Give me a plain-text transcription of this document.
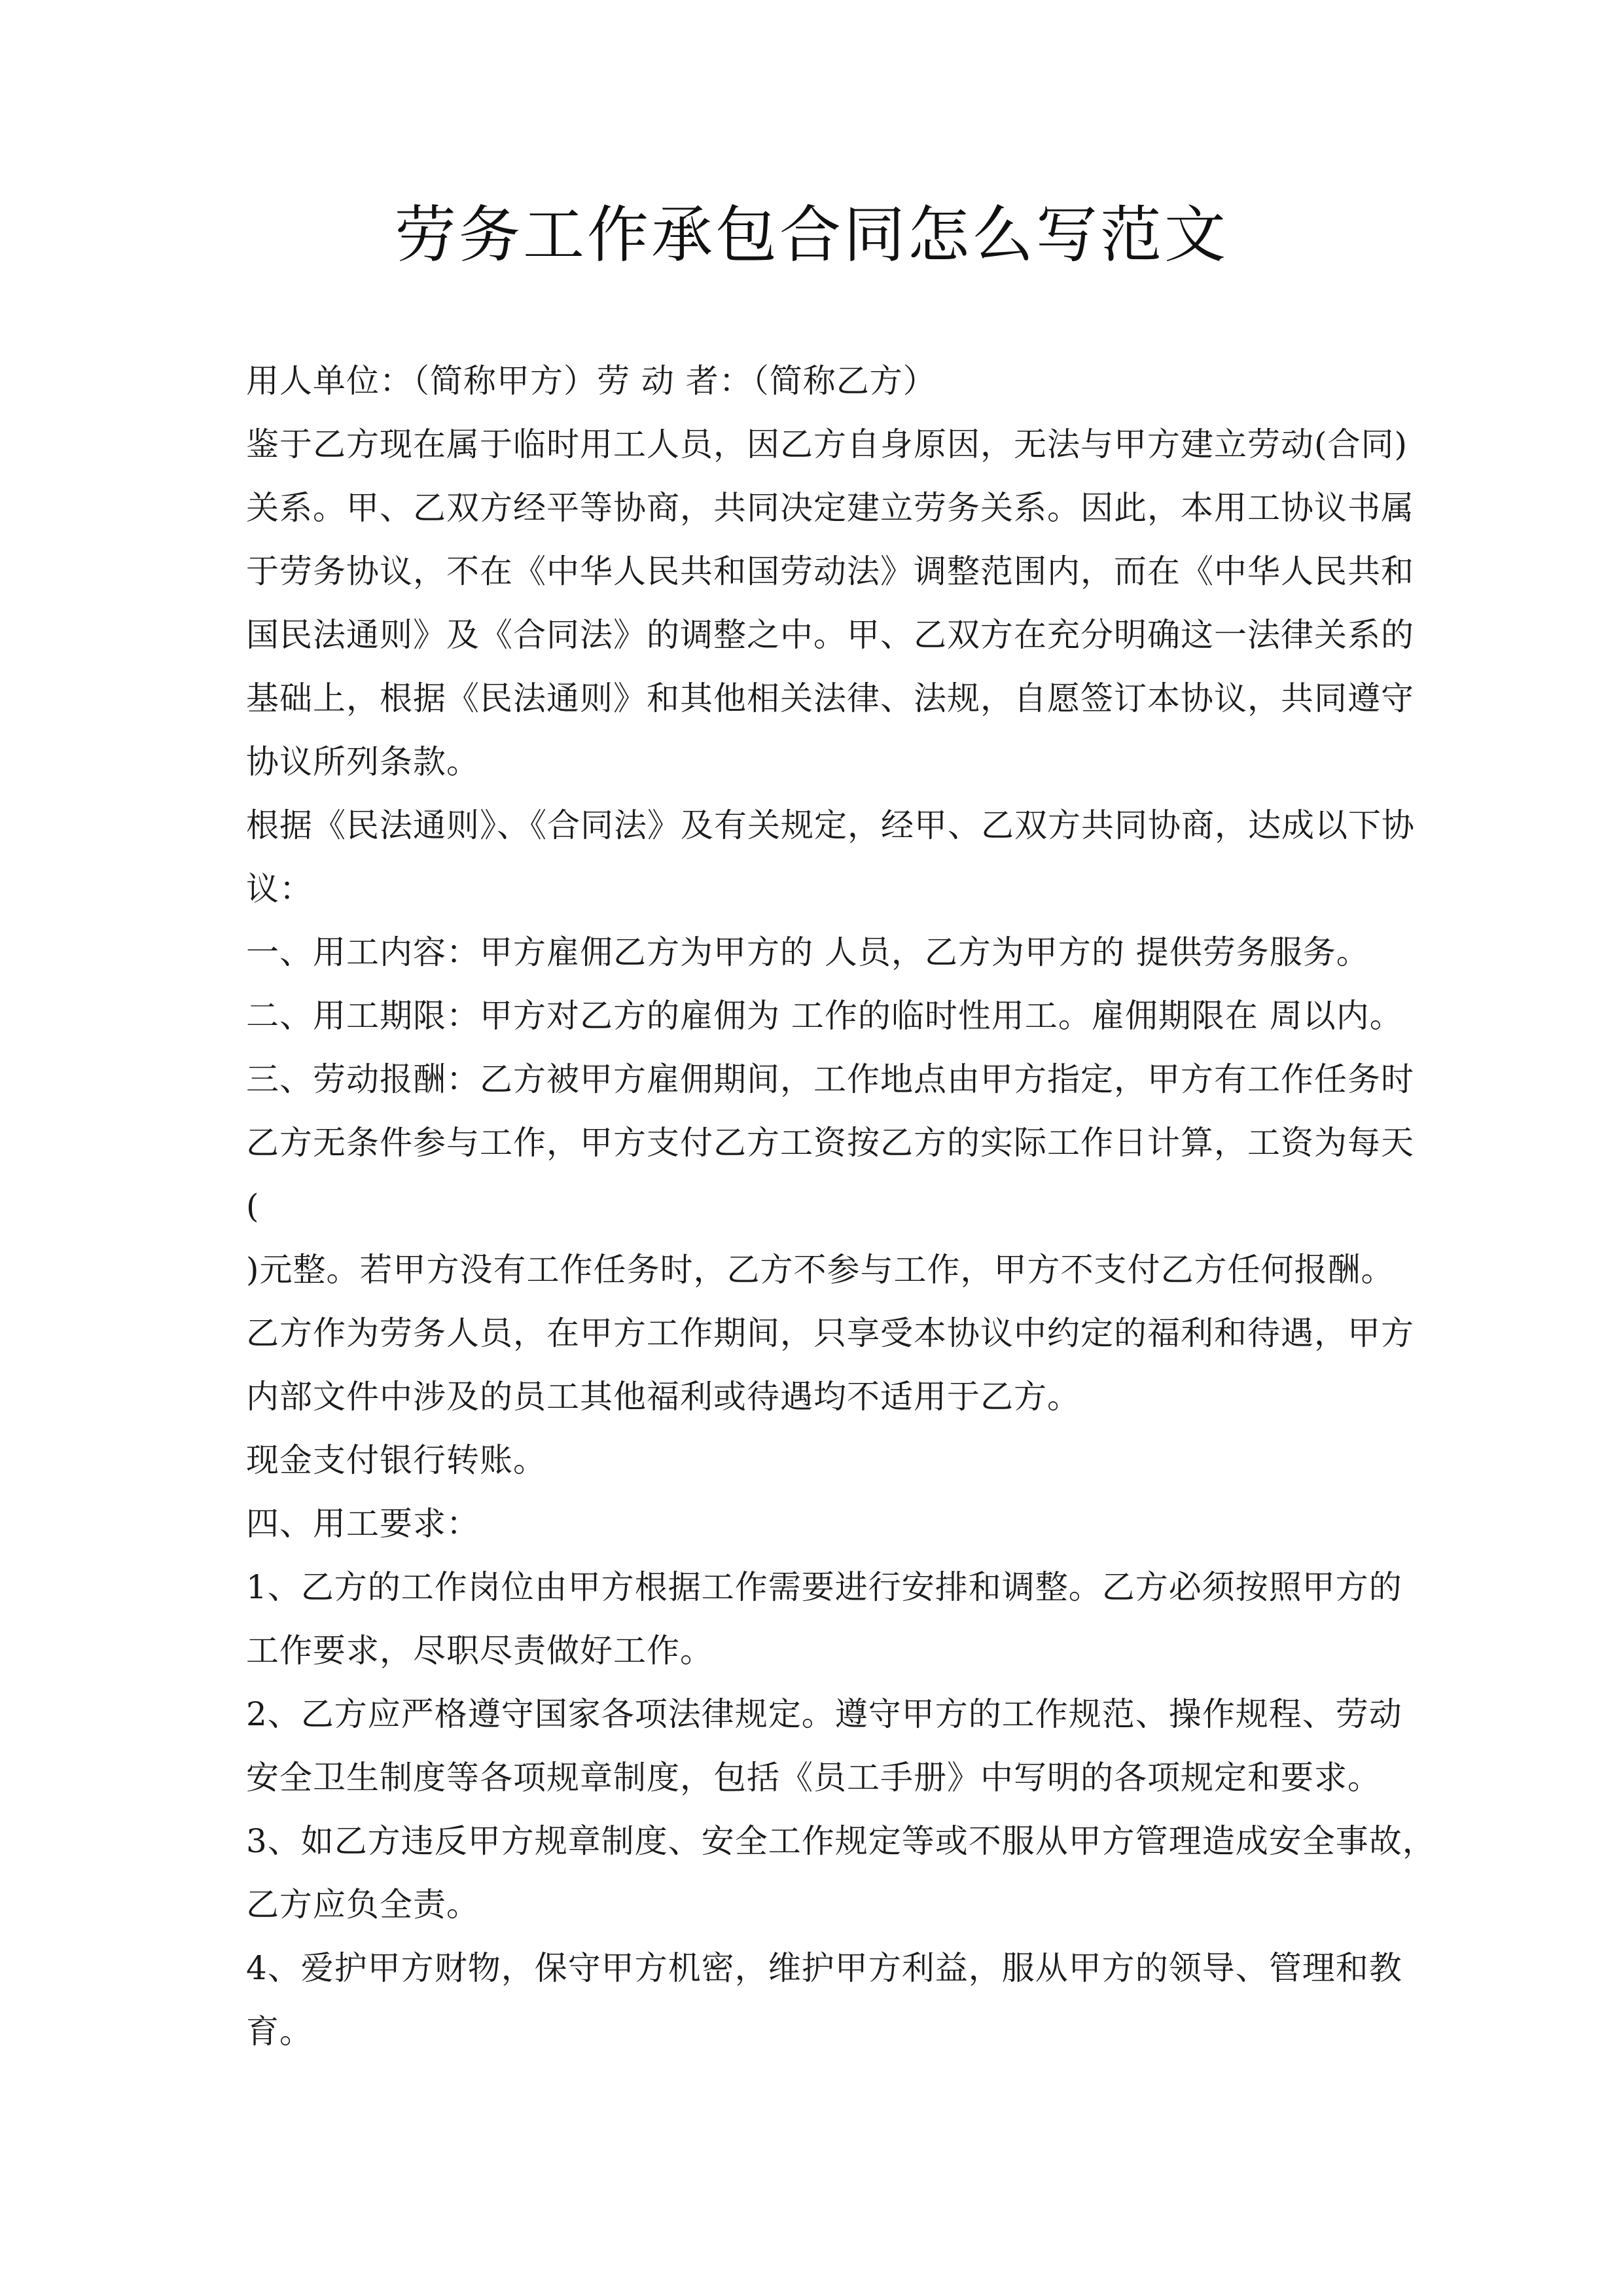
劳务工作承包合同怎么写范文
用人单位：（简称甲方）劳 动 者：（简称乙方）
鉴于乙方现在属于临时用工人员，因乙方自身原因，无法与甲方建立劳动(合同)
关系。甲、乙双方经平等协商，共同决定建立劳务关系。因此，本用工协议书属
于劳务协议，不在《中华人民共和国劳动法》调整范围内，而在《中华人民共和
国民法通则》及《合同法》的调整之中。甲、乙双方在充分明确这一法律关系的
基础上，根据《民法通则》和其他相关法律、法规，自愿签订本协议，共同遵守
协议所列条款。
根据《民法通则》、《合同法》及有关规定，经甲、乙双方共同协商，达成以下协
议：
一、用工内容：甲方雇佣乙方为甲方的 人员，乙方为甲方的 提供劳务服务。
二、用工期限：甲方对乙方的雇佣为 工作的临时性用工。雇佣期限在 周以内。
三、劳动报酬：乙方被甲方雇佣期间，工作地点由甲方指定，甲方有工作任务时
乙方无条件参与工作，甲方支付乙方工资按乙方的实际工作日计算，工资为每天
(
)元整。若甲方没有工作任务时，乙方不参与工作，甲方不支付乙方任何报酬。
乙方作为劳务人员，在甲方工作期间，只享受本协议中约定的福利和待遇，甲方
内部文件中涉及的员工其他福利或待遇均不适用于乙方。
现金支付银行转账。
四、用工要求：
1、乙方的工作岗位由甲方根据工作需要进行安排和调整。乙方必须按照甲方的
工作要求，尽职尽责做好工作。
2、乙方应严格遵守国家各项法律规定。遵守甲方的工作规范、操作规程、劳动
安全卫生制度等各项规章制度，包括《员工手册》中写明的各项规定和要求。
3、如乙方违反甲方规章制度、安全工作规定等或不服从甲方管理造成安全事故，
乙方应负全责。
4、爱护甲方财物，保守甲方机密，维护甲方利益，服从甲方的领导、管理和教
育。
